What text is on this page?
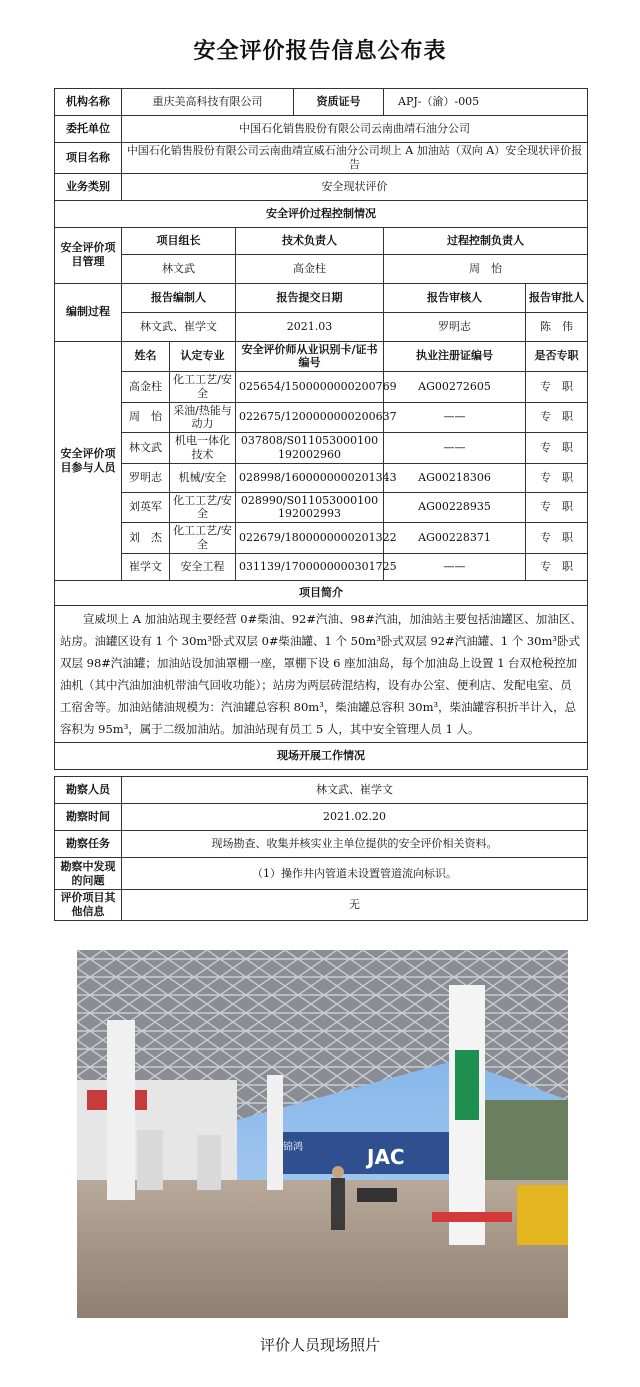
安全评价报告信息公布表
机构名称	重庆美高科技有限公司			资质证号	APJ-（渝）-005	
委托单位	中国石化销售股份有限公司云南曲靖石油分公司					
项目名称	中国石化销售股份有限公司云南曲靖宣威石油分公司坝上 A 加油站（双向 A）安全现状评价报告					
业务类别	安全现状评价					
安全评价过程控制情况						
安全评价项目管理	项目组长		技术负责人		过程控制负责人	
	林文武		高金柱		周　怡	
编制过程	报告编制人		报告提交日期		报告审核人	报告审批人
	林文武、崔学文		2021.03		罗明志	陈　伟
安全评价项目参与人员	姓名	认定专业	安全评价师从业识别卡/证书编号		执业注册证编号	是否专职
	高金柱	化工工艺/安全	025654/1500000000200769		AG00272605	专　职
	周　怡	采油/热能与动力	022675/1200000000200637		——	专　职
	林文武	机电一体化技术	037808/S011053000100192002960		——	专　职
	罗明志	机械/安全	028998/1600000000201343		AG00218306	专　职
	刘英军	化工工艺/安全	028990/S011053000100192002993		AG00228935	专　职
	刘　杰	化工工艺/安全	022679/1800000000201322		AG00228371	专　职
	崔学文	安全工程	031139/1700000000301725		——	专　职
项目简介						
宣威坝上 A 加油站现主要经营 0#柴油、92#汽油、98#汽油，加油站主要包括油罐区、加油区、站房。油罐区设有 1 个 30m³卧式双层 0#柴油罐、1 个 50m³卧式双层 92#汽油罐、1 个 30m³卧式双层 98#汽油罐；加油站设加油罩棚一座，罩棚下设 6 座加油岛，每个加油岛上设置 1 台双枪税控加油机（其中汽油加油机带油气回收功能）；站房为两层砖混结构，设有办公室、便利店、发配电室、员工宿舍等。加油站储油规模为：汽油罐总容积 80m³，柴油罐总容积 30m³，柴油罐容积折半计入，总容积为 95m³，属于二级加油站。加油站现有员工 5 人，其中安全管理人员 1 人。						
现场开展工作情况						
勘察人员	林文武、崔学文
勘察时间	2021.02.20
勘察任务	现场勘查、收集并核实业主单位提供的安全评价相关资料。
勘察中发现的问题	（1）操作井内管道未设置管道流向标识。
评价项目其他信息	无
锦鸿	JAC
评价人员现场照片
